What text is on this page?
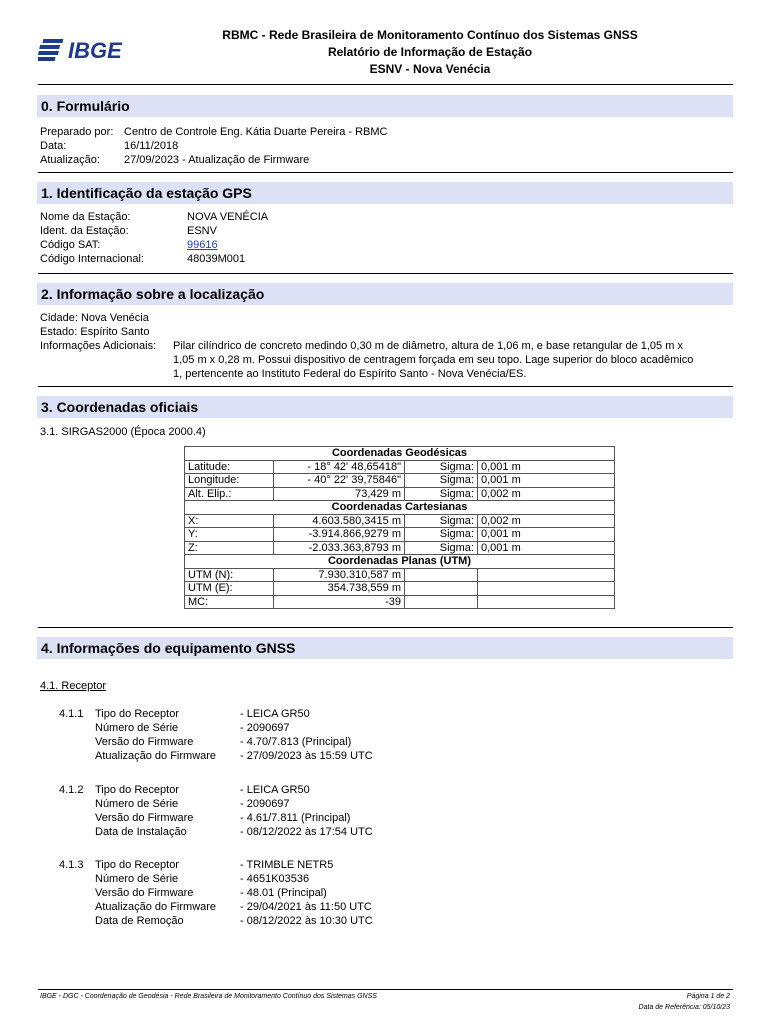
IBGE
RBMC - Rede Brasileira de Monitoramento Contínuo dos Sistemas GNSS
Relatório de Informação de Estação
ESNV - Nova Venécia
0. Formulário
Preparado por: Centro de Controle Eng. Kátia Duarte Pereira - RBMC
Data:	16/11/2018
Atualização: 27/09/2023 - Atualização de Firmware
1. Identificação da estação GPS
Nome da Estação:	NOVA VENÉCIA
Ident. da Estação:	ESNV
Código SAT:	99616
Código Internacional:	48039M001
2. Informação sobre a localização
Cidade: Nova Venécia
Estado: Espírito Santo
Informações Adicionais: Pilar cilíndrico de concreto medindo 0,30 m de diâmetro, altura de 1,06 m, e base retangular de 1,05 m x
1,05 m x 0,28 m. Possui dispositivo de centragem forçada em seu topo. Lage superior do bloco acadêmico
1, pertencente ao Instituto Federal do Espírito Santo - Nova Venécia/ES.
3. Coordenadas oficiais
3.1. SIRGAS2000 (Época 2000.4)
Coordenadas Geodésicas			
Latitude:	- 18° 42' 48,65418"	Sigma:	0,001 m
Longitude:	- 40° 22' 39,75846"	Sigma:	0,001 m
Alt. Elip.:	73,429 m	Sigma:	0,002 m
Coordenadas Cartesianas			
X:	4.603.580,3415 m	Sigma:	0,002 m
Y:	-3.914.866,9279 m	Sigma:	0,001 m
Z:	-2.033.363,8793 m	Sigma:	0,001 m
Coordenadas Planas (UTM)			
UTM (N):	7.930.310,587 m		
UTM (E):	354.738,559 m		
MC:	-39		
4. Informações do equipamento GNSS
4.1. Receptor
4.1.1 Tipo do Receptor	- LEICA GR50
Número de Série	- 2090697
Versão do Firmware	- 4.70/7.813 (Principal)
Atualização do Firmware - 27/09/2023 às 15:59 UTC
4.1.2 Tipo do Receptor	- LEICA GR50
Número de Série	- 2090697
Versão do Firmware	- 4.61/7.811 (Principal)
Data de Instalação	- 08/12/2022 às 17:54 UTC
4.1.3 Tipo do Receptor	- TRIMBLE NETR5
Número de Série	- 4651K03536
Versão do Firmware	- 48.01 (Principal)
Atualização do Firmware - 29/04/2021 às 11:50 UTC
Data de Remoção	- 08/12/2022 às 10:30 UTC
IBGE - DGC - Coordenação de Geodésia - Rede Brasileira de Monitoramento Contínuo dos Sistemas GNSS	Página 1 de 2
Data de Referência: 05/10/23
